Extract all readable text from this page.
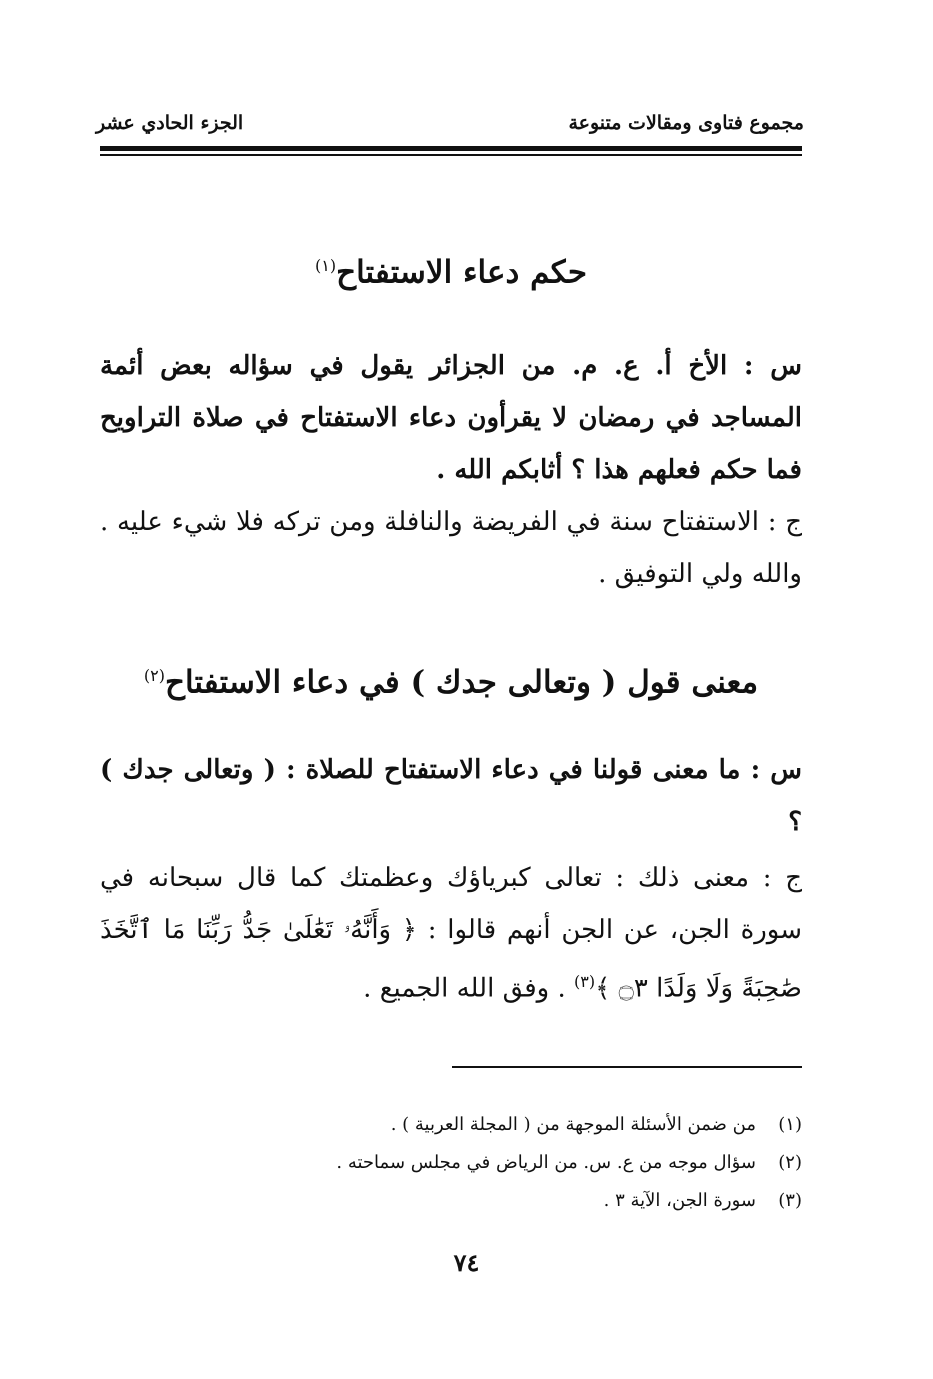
مجموع فتاوى ومقالات متنوعة
الجزء الحادي عشر
حكم دعاء الاستفتاح$^{(١)}$
س : الأخ أ. ع. م. من الجزائر يقول في سؤاله بعض أئمة المساجد في رمضان لا يقرأون دعاء الاستفتاح في صلاة التراويح فما حكم فعلهم هذا ؟ أثابكم الله .
ج : الاستفتاح سنة في الفريضة والنافلة ومن تركه فلا شيء عليه . والله ولي التوفيق .
معنى قول ( وتعالى جدك ) في دعاء الاستفتاح$^{(٢)}$
س : ما معنى قولنا في دعاء الاستفتاح للصلاة : ( وتعالى جدك ) ؟
ج : معنى ذلك : تعالى كبرياؤك وعظمتك كما قال سبحانه في سورة الجن، عن الجن أنهم قالوا : ﴿ وَأَنَّهُۥ تَعَٰلَىٰ جَدُّ رَبِّنَا مَا ٱتَّخَذَ صَٰحِبَةً وَلَا وَلَدًا ۝٣ ﴾$^{(٣)}$ . وفق الله الجميع .
(١)
من ضمن الأسئلة الموجهة من ( المجلة العربية ) .
(٢)
سؤال موجه من ع. س. من الرياض في مجلس سماحته .
(٣)
سورة الجن، الآية ٣ .
٧٤
